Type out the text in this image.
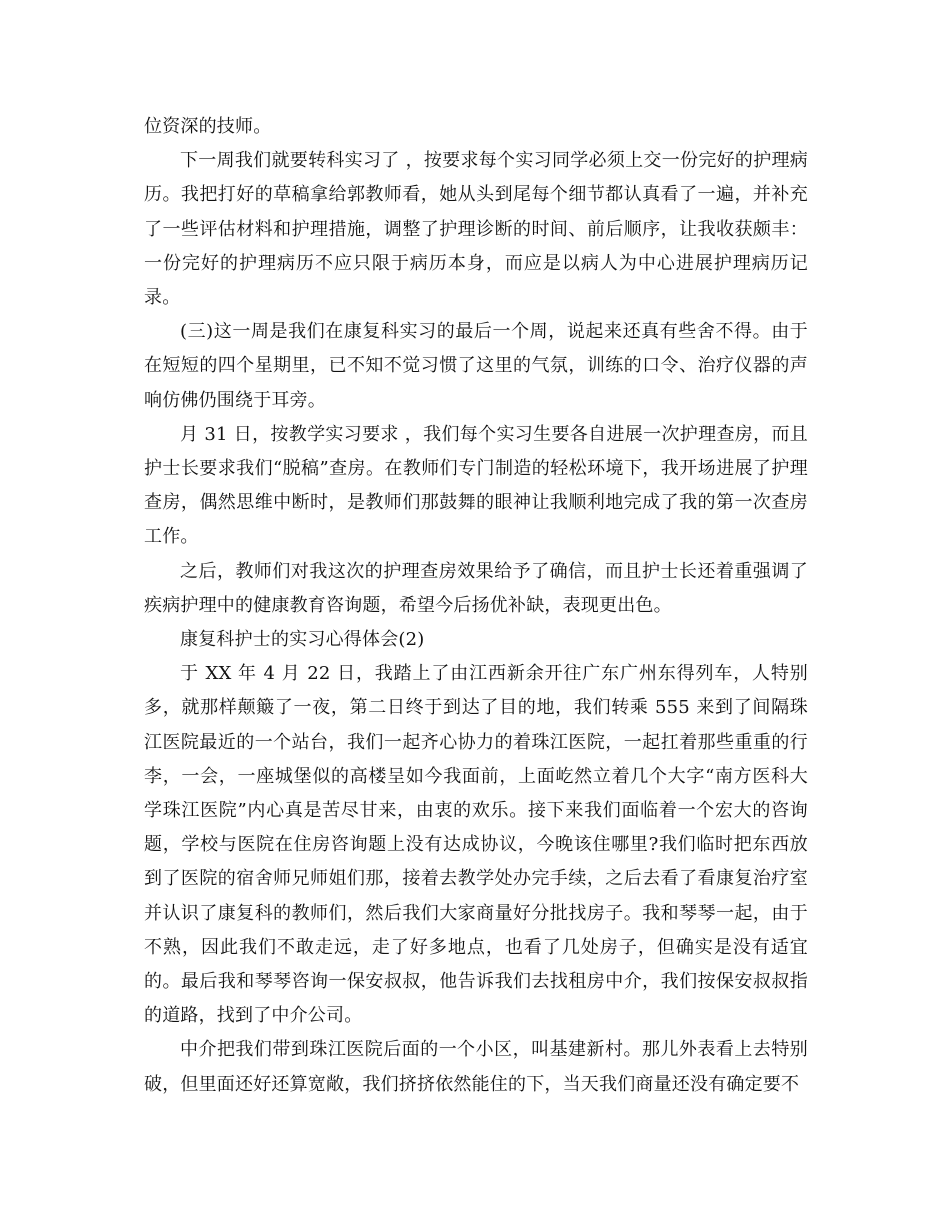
位资深的技师。

下一周我们就要转科实习了 ，按要求每个实习同学必须上交一份完好的护理病历。我把打好的草稿拿给郭教师看，她从头到尾每个细节都认真看了一遍，并补充了一些评估材料和护理措施，调整了护理诊断的时间、前后顺序，让我收获颇丰：一份完好的护理病历不应只限于病历本身，而应是以病人为中心进展护理病历记录。

(三)这一周是我们在康复科实习的最后一个周，说起来还真有些舍不得。由于在短短的四个星期里，已不知不觉习惯了这里的气氛，训练的口令、治疗仪器的声响仿佛仍围绕于耳旁。

月 31 日，按教学实习要求 ，我们每个实习生要各自进展一次护理查房，而且护士长要求我们“脱稿”查房。在教师们专门制造的轻松环境下，我开场进展了护理查房，偶然思维中断时，是教师们那鼓舞的眼神让我顺利地完成了我的第一次查房工作。

之后，教师们对我这次的护理查房效果给予了确信，而且护士长还着重强调了疾病护理中的健康教育咨询题，希望今后扬优补缺，表现更出色。

康复科护士的实习心得体会(2)

于 XX 年 4 月 22 日，我踏上了由江西新余开往广东广州东得列车，人特别多，就那样颠簸了一夜，第二日终于到达了目的地，我们转乘 555 来到了间隔珠江医院最近的一个站台，我们一起齐心协力的着珠江医院，一起扛着那些重重的行李，一会，一座城堡似的高楼呈如今我面前，上面屹然立着几个大字“南方医科大学珠江医院”内心真是苦尽甘来，由衷的欢乐。接下来我们面临着一个宏大的咨询题，学校与医院在住房咨询题上没有达成协议，今晚该住哪里?我们临时把东西放到了医院的宿舍师兄师姐们那，接着去教学处办完手续，之后去看了看康复治疗室并认识了康复科的教师们，然后我们大家商量好分批找房子。我和琴琴一起，由于不熟，因此我们不敢走远，走了好多地点，也看了几处房子，但确实是没有适宜的。最后我和琴琴咨询一保安叔叔，他告诉我们去找租房中介，我们按保安叔叔指的道路，找到了中介公司。

中介把我们带到珠江医院后面的一个小区，叫基建新村。那儿外表看上去特别破，但里面还好还算宽敞，我们挤挤依然能住的下，当天我们商量还没有确定要不
